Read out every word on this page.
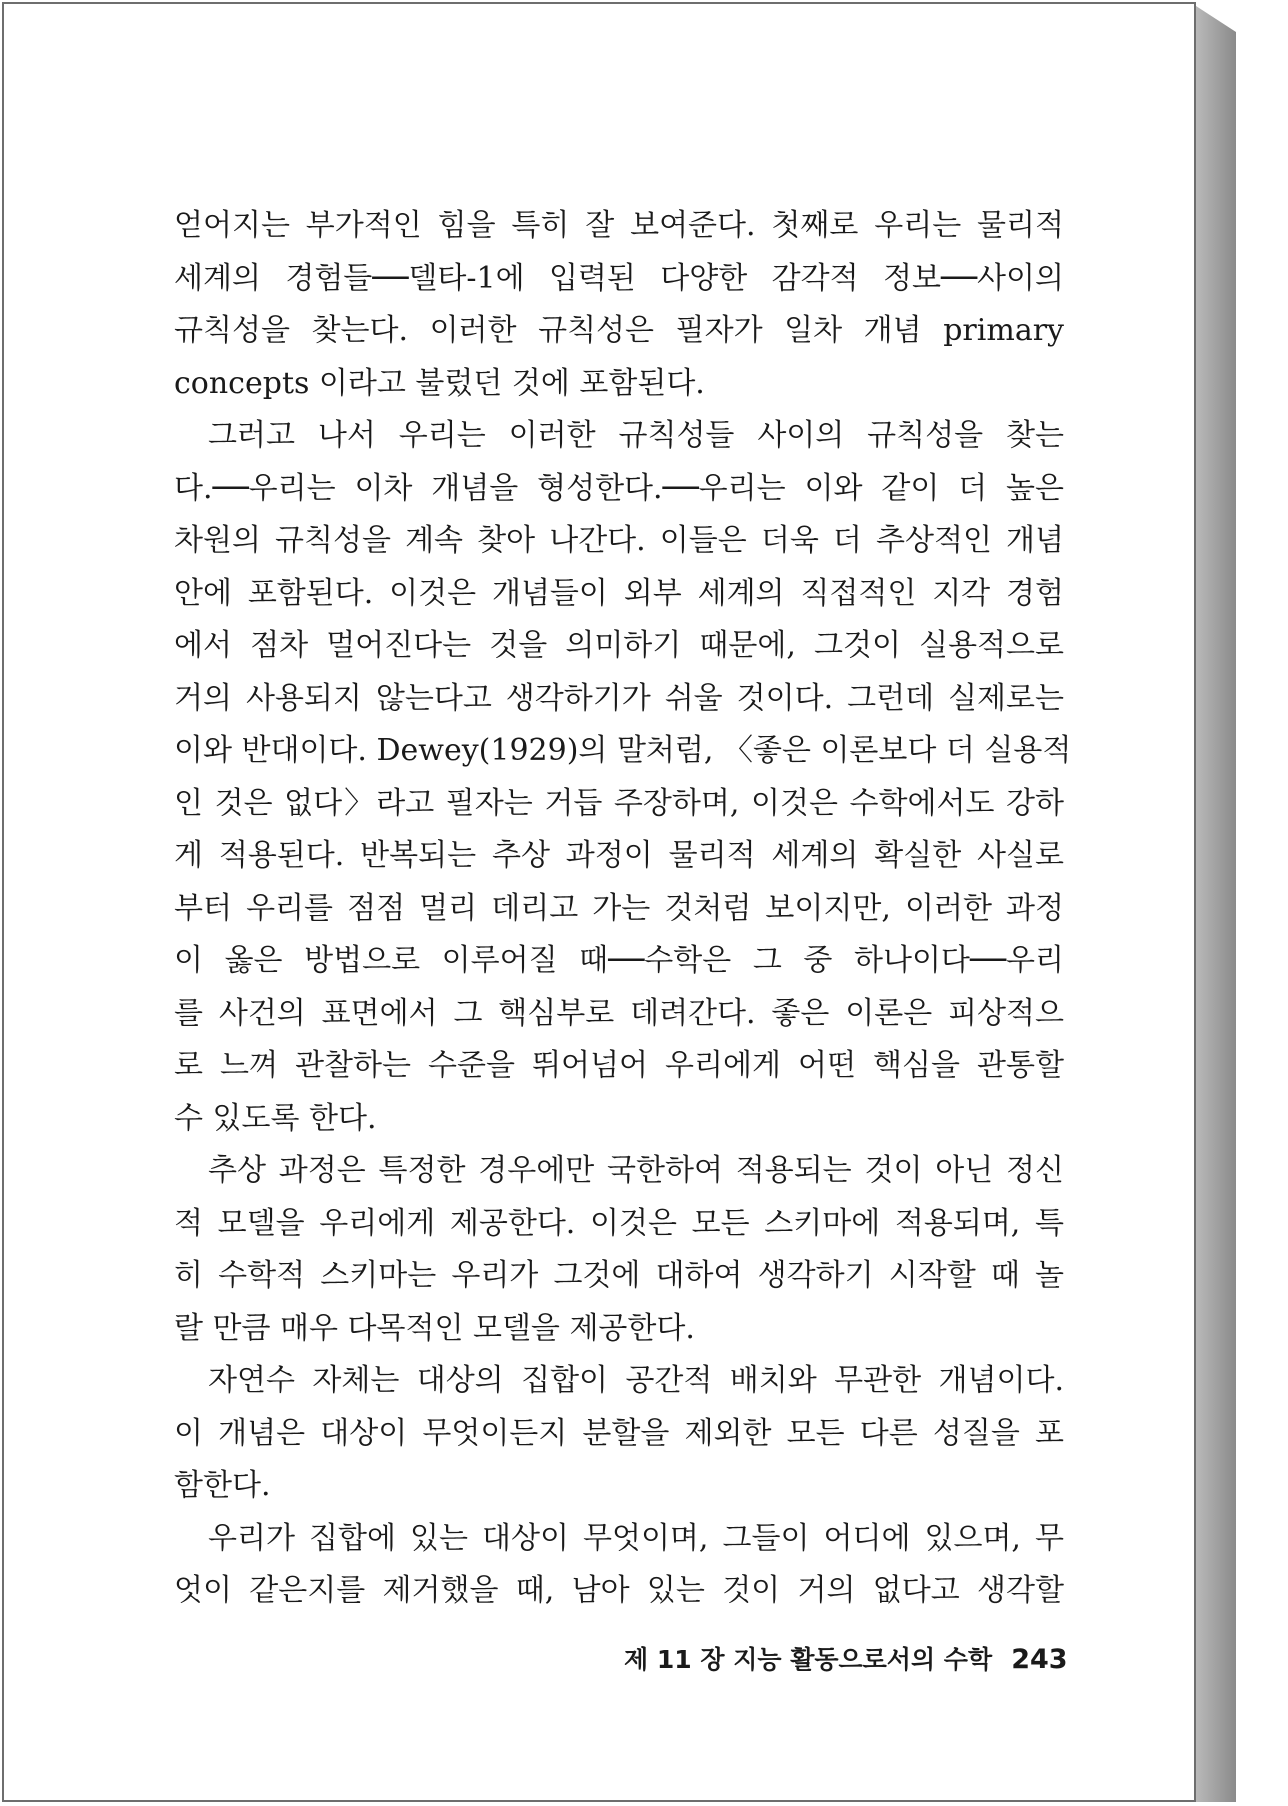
얻어지는 부가적인 힘을 특히 잘 보여준다. 첫째로 우리는 물리적
세계의 경험들──델타-1에 입력된 다양한 감각적 정보──사이의
규칙성을 찾는다. 이러한 규칙성은 필자가 일차 개념 primary
concepts 이라고 불렀던 것에 포함된다.
그러고 나서 우리는 이러한 규칙성들 사이의 규칙성을 찾는
다.──우리는 이차 개념을 형성한다.──우리는 이와 같이 더 높은
차원의 규칙성을 계속 찾아 나간다. 이들은 더욱 더 추상적인 개념
안에 포함된다. 이것은 개념들이 외부 세계의 직접적인 지각 경험
에서 점차 멀어진다는 것을 의미하기 때문에, 그것이 실용적으로
거의 사용되지 않는다고 생각하기가 쉬울 것이다. 그런데 실제로는
이와 반대이다. Dewey(1929)의 말처럼, 〈좋은 이론보다 더 실용적
인 것은 없다〉라고 필자는 거듭 주장하며, 이것은 수학에서도 강하
게 적용된다. 반복되는 추상 과정이 물리적 세계의 확실한 사실로
부터 우리를 점점 멀리 데리고 가는 것처럼 보이지만, 이러한 과정
이 옳은 방법으로 이루어질 때──수학은 그 중 하나이다──우리
를 사건의 표면에서 그 핵심부로 데려간다. 좋은 이론은 피상적으
로 느껴 관찰하는 수준을 뛰어넘어 우리에게 어떤 핵심을 관통할
수 있도록 한다.
추상 과정은 특정한 경우에만 국한하여 적용되는 것이 아닌 정신
적 모델을 우리에게 제공한다. 이것은 모든 스키마에 적용되며, 특
히 수학적 스키마는 우리가 그것에 대하여 생각하기 시작할 때 놀
랄 만큼 매우 다목적인 모델을 제공한다.
자연수 자체는 대상의 집합이 공간적 배치와 무관한 개념이다.
이 개념은 대상이 무엇이든지 분할을 제외한 모든 다른 성질을 포
함한다.
우리가 집합에 있는 대상이 무엇이며, 그들이 어디에 있으며, 무
엇이 같은지를 제거했을 때, 남아 있는 것이 거의 없다고 생각할
제 11 장 지능 활동으로서의 수학 243
